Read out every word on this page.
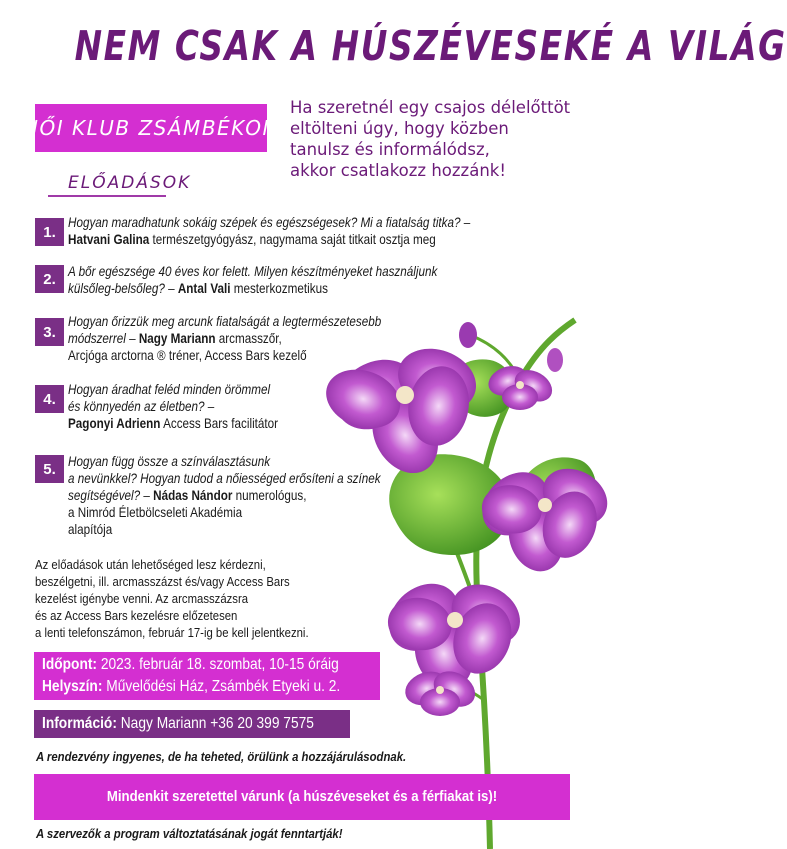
NEM CSAK A HÚSZÉVESEKÉ A VILÁG
NŐI KLUB ZSÁMBÉKON
Ha szeretnél egy csajos délelőttöt
eltölteni úgy, hogy közben
tanulsz és informálódsz,
akkor csatlakozz hozzánk!
ELŐADÁSOK
1.
Hogyan maradhatunk sokáig szépek és egészségesek? Mi a fiatalság titka? –
Hatvani Galina természetgyógyász, nagymama saját titkait osztja meg
2. A bőr egészsége 40 éves kor felett. Milyen készítményeket használjunk
külsőleg-belsőleg? – Antal Vali mesterkozmetikus
3.
Hogyan őrizzük meg arcunk fiatalságát a legtermészetesebb
módszerrel – Nagy Mariann arcmasszőr,
Arcjóga arctorna ® tréner, Access Bars kezelő
4.
Hogyan áradhat feléd minden örömmel
és könnyedén az életben? –
Pagonyi Adrienn Access Bars facilitátor
5. Hogyan függ össze a színválasztásunk
a nevünkkel? Hogyan tudod a nőiességed erősíteni a színek
segítségével? – Nádas Nándor numerológus,
a Nimród Életbölcseleti Akadémia
alapítója
Az előadások után lehetőséged lesz kérdezni,
beszélgetni, ill. arcmasszázst és/vagy Access Bars
kezelést igénybe venni. Az arcmasszázsra
és az Access Bars kezelésre előzetesen
a lenti telefonszámon, február 17-ig be kell jelentkezni.
Időpont: 2023. február 18. szombat, 10-15 óráig
Helyszín: Művelődési Ház, Zsámbék Etyeki u. 2.
Információ: Nagy Mariann +36 20 399 7575
A rendezvény ingyenes, de ha teheted, örülünk a hozzájárulásodnak.
Mindenkit szeretettel várunk (a húszéveseket és a férfiakat is)!
A szervezők a program változtatásának jogát fenntartják!
